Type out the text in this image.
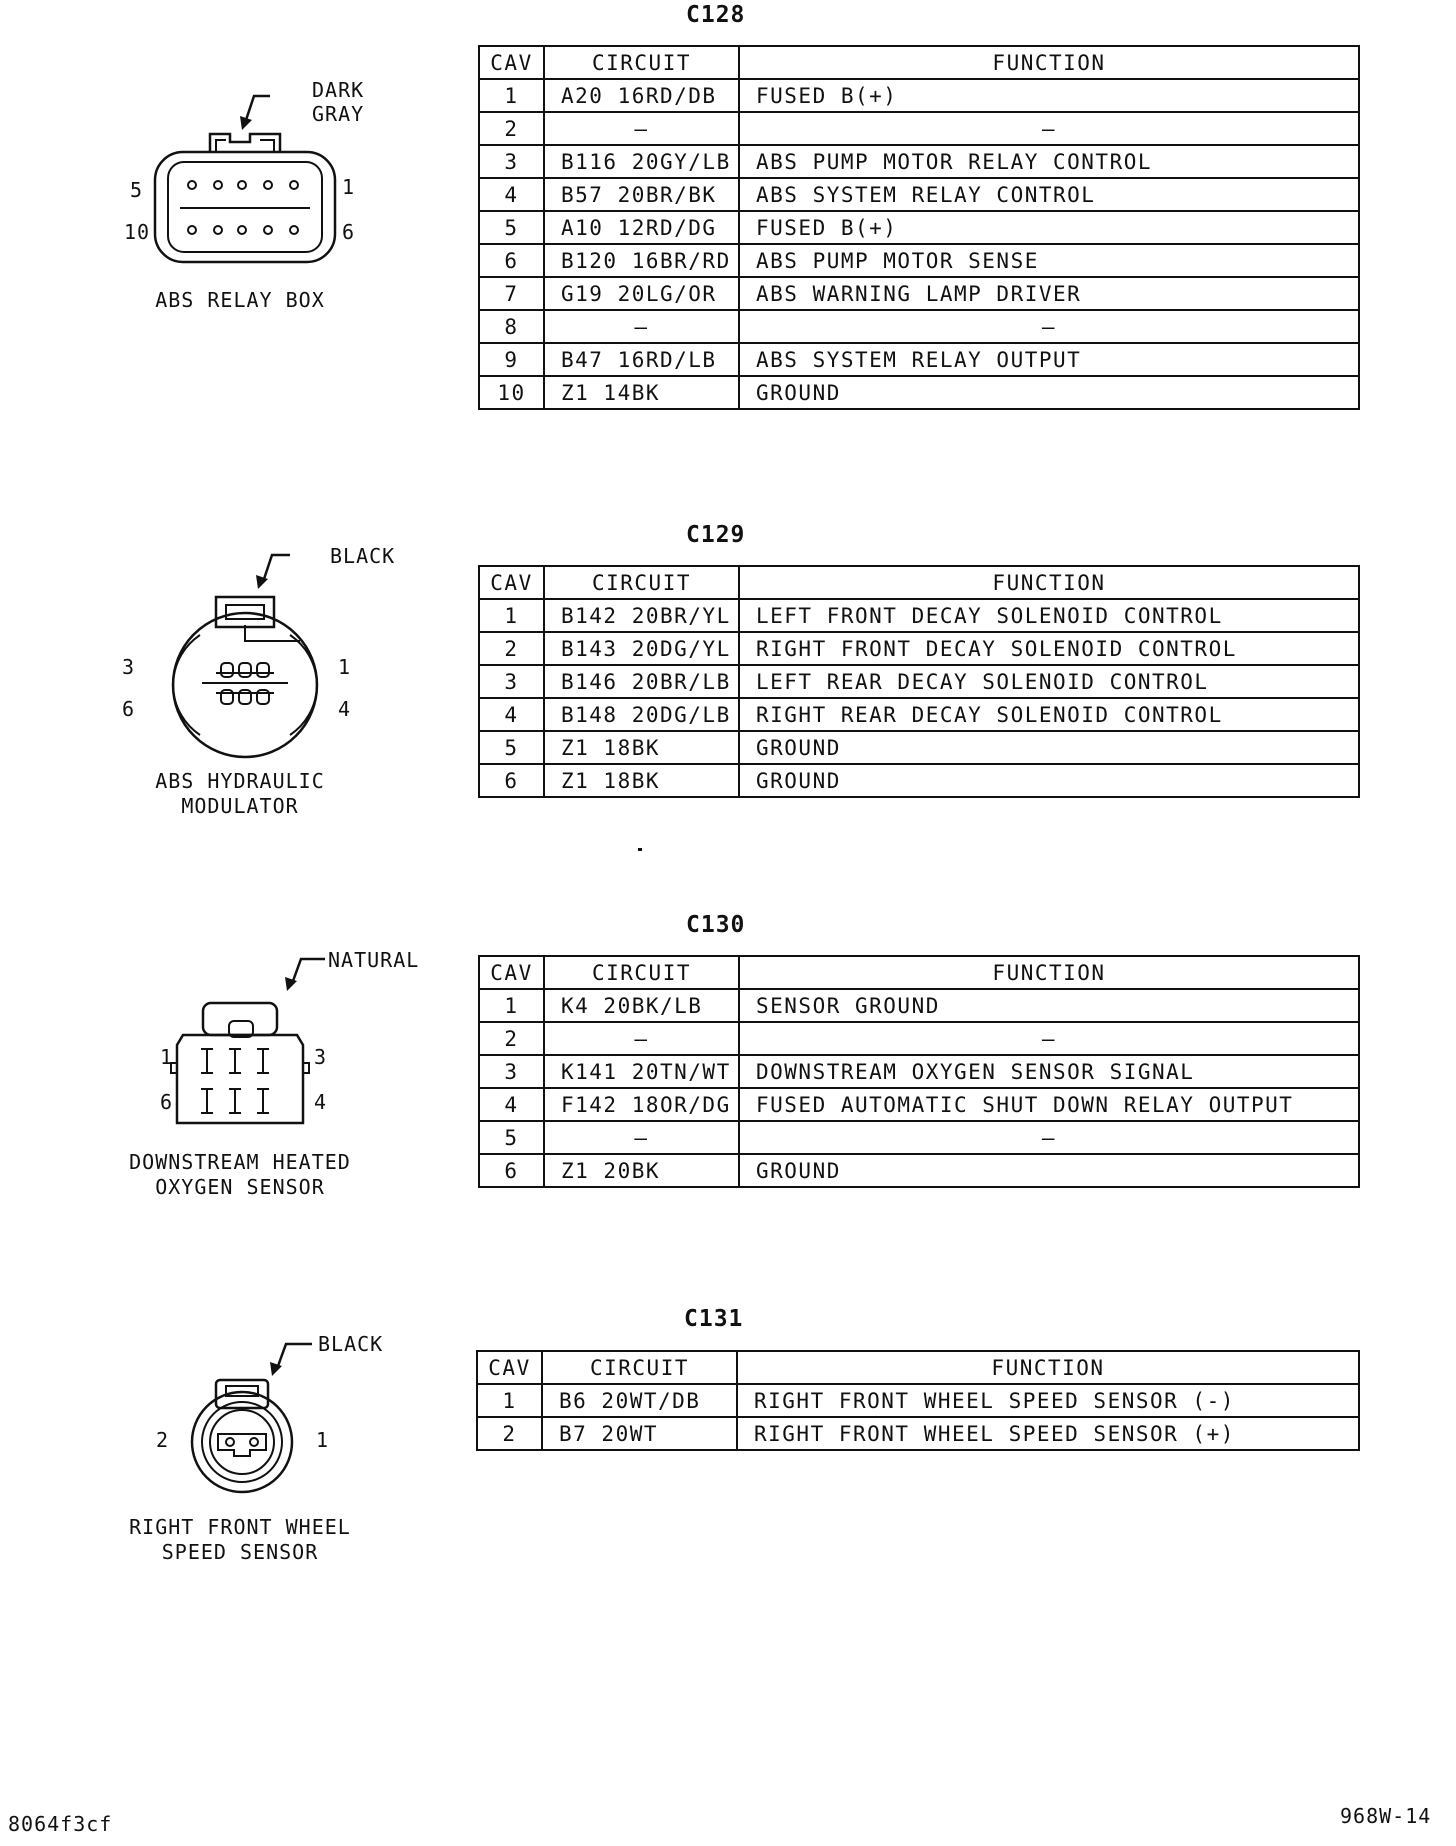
C128
CAV	CIRCUIT	FUNCTION
1	A20 16RD/DB	FUSED B(+)
2	–	–
3	B116 20GY/LB	ABS PUMP MOTOR RELAY CONTROL
4	B57 20BR/BK	ABS SYSTEM RELAY CONTROL
5	A10 12RD/DG	FUSED B(+)
6	B120 16BR/RD	ABS PUMP MOTOR SENSE
7	G19 20LG/OR	ABS WARNING LAMP DRIVER
8	–	–
9	B47 16RD/LB	ABS SYSTEM RELAY OUTPUT
10	Z1 14BK	GROUND
DARK
GRAY
5	1
10	6
ABS RELAY BOX
C129
CAV	CIRCUIT	FUNCTION
1	B142 20BR/YL	LEFT FRONT DECAY SOLENOID CONTROL
2	B143 20DG/YL	RIGHT FRONT DECAY SOLENOID CONTROL
3	B146 20BR/LB	LEFT REAR DECAY SOLENOID CONTROL
4	B148 20DG/LB	RIGHT REAR DECAY SOLENOID CONTROL
5	Z1 18BK	GROUND
6	Z1 18BK	GROUND
BLACK
3	1
6	4
ABS HYDRAULIC
MODULATOR
C130
CAV	CIRCUIT	FUNCTION
1	K4 20BK/LB	SENSOR GROUND
2	–	–
3	K141 20TN/WT	DOWNSTREAM OXYGEN SENSOR SIGNAL
4	F142 18OR/DG	FUSED AUTOMATIC SHUT DOWN RELAY OUTPUT
5	–	–
6	Z1 20BK	GROUND
NATURAL
1	3
6	4
DOWNSTREAM HEATED
OXYGEN SENSOR
C131
CAV	CIRCUIT	FUNCTION
1	B6 20WT/DB	RIGHT FRONT WHEEL SPEED SENSOR (-)
2	B7 20WT	RIGHT FRONT WHEEL SPEED SENSOR (+)
BLACK
2	1
RIGHT FRONT WHEEL
SPEED SENSOR
8064f3cf	968W-14
